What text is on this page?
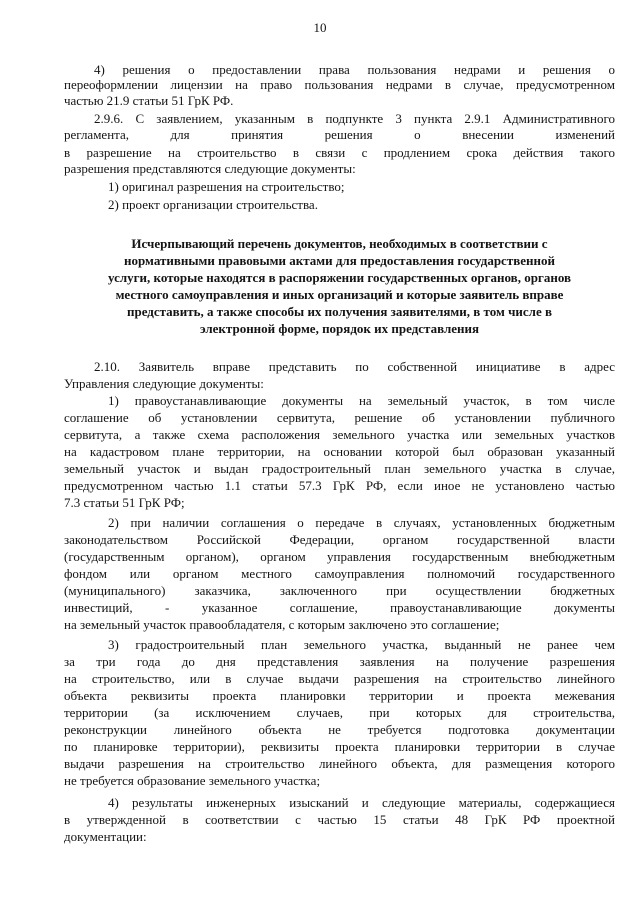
10
4) решения о предоставлении права пользования недрами и решения о
переоформлении лицензии на право пользования недрами в случае, предусмотренном
частью 21.9 статьи 51 ГрК РФ.
2.9.6. С заявлением, указанным в подпункте 3 пункта 2.9.1 Административного
регламента, для принятия решения о внесении изменений
в разрешение на строительство в связи с продлением срока действия такого
разрешения представляются следующие документы:
1) оригинал разрешения на строительство;
2) проект организации строительства.
Исчерпывающий перечень документов, необходимых в соответствии с
нормативными правовыми актами для предоставления государственной
услуги, которые находятся в распоряжении государственных органов, органов
местного самоуправления и иных организаций и которые заявитель вправе
представить, а также способы их получения заявителями, в том числе в
электронной форме, порядок их представления
2.10. Заявитель вправе представить по собственной инициативе в адрес
Управления следующие документы:
1) правоустанавливающие документы на земельный участок, в том числе
соглашение об установлении сервитута, решение об установлении публичного
сервитута, а также схема расположения земельного участка или земельных участков
на кадастровом плане территории, на основании которой был образован указанный
земельный участок и выдан градостроительный план земельного участка в случае,
предусмотренном частью 1.1 статьи 57.3 ГрК РФ, если иное не установлено частью
7.3 статьи 51 ГрК РФ;
2) при наличии соглашения о передаче в случаях, установленных бюджетным
законодательством Российской Федерации, органом государственной власти
(государственным органом), органом управления государственным внебюджетным
фондом или органом местного самоуправления полномочий государственного
(муниципального) заказчика, заключенного при осуществлении бюджетных
инвестиций, - указанное соглашение, правоустанавливающие документы
на земельный участок правообладателя, с которым заключено это соглашение;
3) градостроительный план земельного участка, выданный не ранее чем
за три года до дня представления заявления на получение разрешения
на строительство, или в случае выдачи разрешения на строительство линейного
объекта реквизиты проекта планировки территории и проекта межевания
территории (за исключением случаев, при которых для строительства,
реконструкции линейного объекта не требуется подготовка документации
по планировке территории), реквизиты проекта планировки территории в случае
выдачи разрешения на строительство линейного объекта, для размещения которого
не требуется образование земельного участка;
4) результаты инженерных изысканий и следующие материалы, содержащиеся
в утвержденной в соответствии с частью 15 статьи 48 ГрК РФ проектной
документации:
